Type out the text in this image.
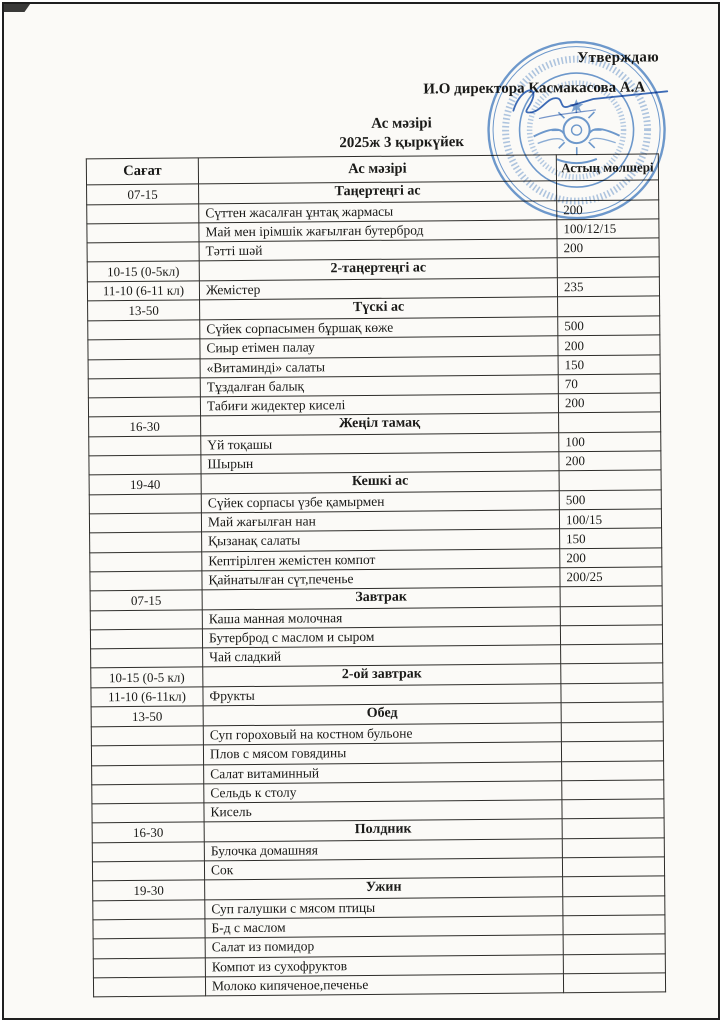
Утверждаю
И.О директора Касмакасова А.А
Ас мәзірі
2025ж 3 қыркүйек
Сағат	Ас мәзірі	Астың мөлшері
07-15	Таңертеңгі ас	
	Сүттен жасалған ұнтақ жармасы	200
	Май мен ірімшік жағылған бутерброд	100/12/15
	Тәтті шәй	200
10-15 (0-5кл)	2-таңертеңгі ас	
11-10 (6-11 кл)	Жемістер	235
13-50	Түскі ас	
	Сүйек сорпасымен бұршақ көже	500
	Сиыр етімен палау	200
	«Витаминді» салаты	150
	Тұздалған балық	70
	Табиғи жидектер киселі	200
16-30	Жеңіл тамақ	
	Үй тоқашы	100
	Шырын	200
19-40	Кешкі ас	
	Сүйек сорпасы үзбе қамырмен	500
	Май жағылған нан	100/15
	Қызанақ салаты	150
	Кептірілген жемістен компот	200
	Қайнатылған сүт,печенье	200/25
07-15	Завтрак	
	Каша манная молочная	
	Бутерброд с маслом и сыром	
	Чай сладкий	
10-15 (0-5 кл)	2-ой завтрак	
11-10 (6-11кл)	Фрукты	
13-50	Обед	
	Суп гороховый на костном бульоне	
	Плов с мясом говядины	
	Салат витаминный	
	Сельдь к столу	
	Кисель	
16-30	Полдник	
	Булочка домашняя	
	Сок	
19-30	Ужин	
	Суп галушки с мясом птицы	
	Б-д с маслом	
	Салат из помидор	
	Компот из сухофруктов	
	Молоко кипяченое,печенье	
